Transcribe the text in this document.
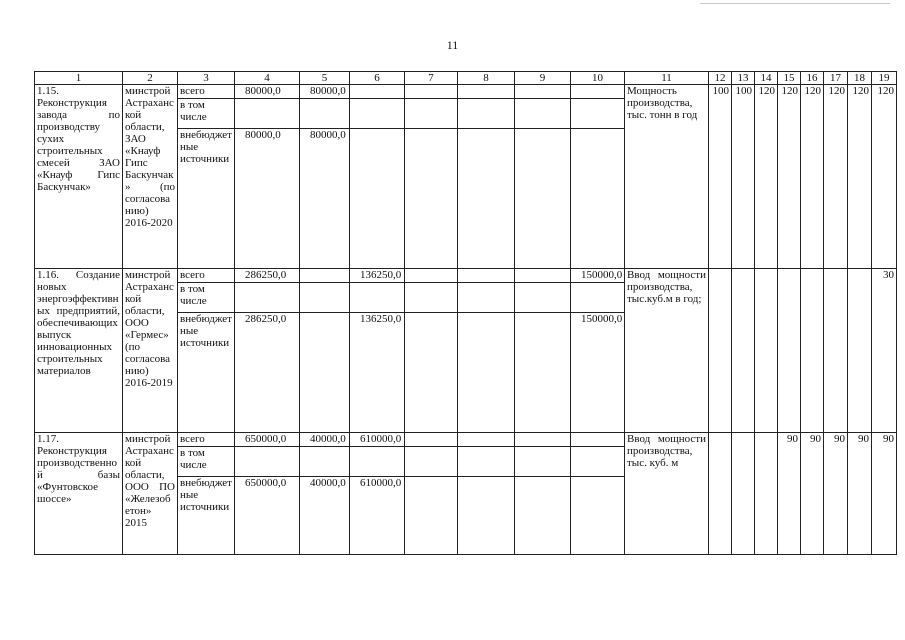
11
1	2	3	4	5	6	7	8	9	10	11	12	13	14	15	16	17	18	19
1.15. Реконструкция завода по производству сухих строительных смесей ЗАО «Кнауф Гипс Баскунчак»	минстрой Астраханской области, ЗАО «Кнауф Гипс Баскунчак» (по согласованию) 2016-2020	всего	80000,0	80000,0						Мощность производства, тыс. тонн в год	100	100	120	120	120	120	120	120
		в том числе																
		внебюджетные источники	80000,0	80000,0														
1.16. Создание новых энергоэффективных предприятий, обеспечивающих выпуск инновационных строительных материалов	минстрой Астраханской области, ООО «Гермес» (по согласованию) 2016-2019	всего	286250,0		136250,0				150000,0	Ввод мощности производства, тыс.куб.м в год;								30
		в том числе																
		внебюджетные источники	286250,0		136250,0				150000,0									
1.17. Реконструкция производственной базы «Фунтовское шоссе»	минстрой Астраханской области, ООО ПО «Железобетон» 2015	всего	650000,0	40000,0	610000,0					Ввод мощности производства, тыс. куб. м				90	90	90	90	90
		в том числе																
		внебюджетные источники	650000,0	40000,0	610000,0													
